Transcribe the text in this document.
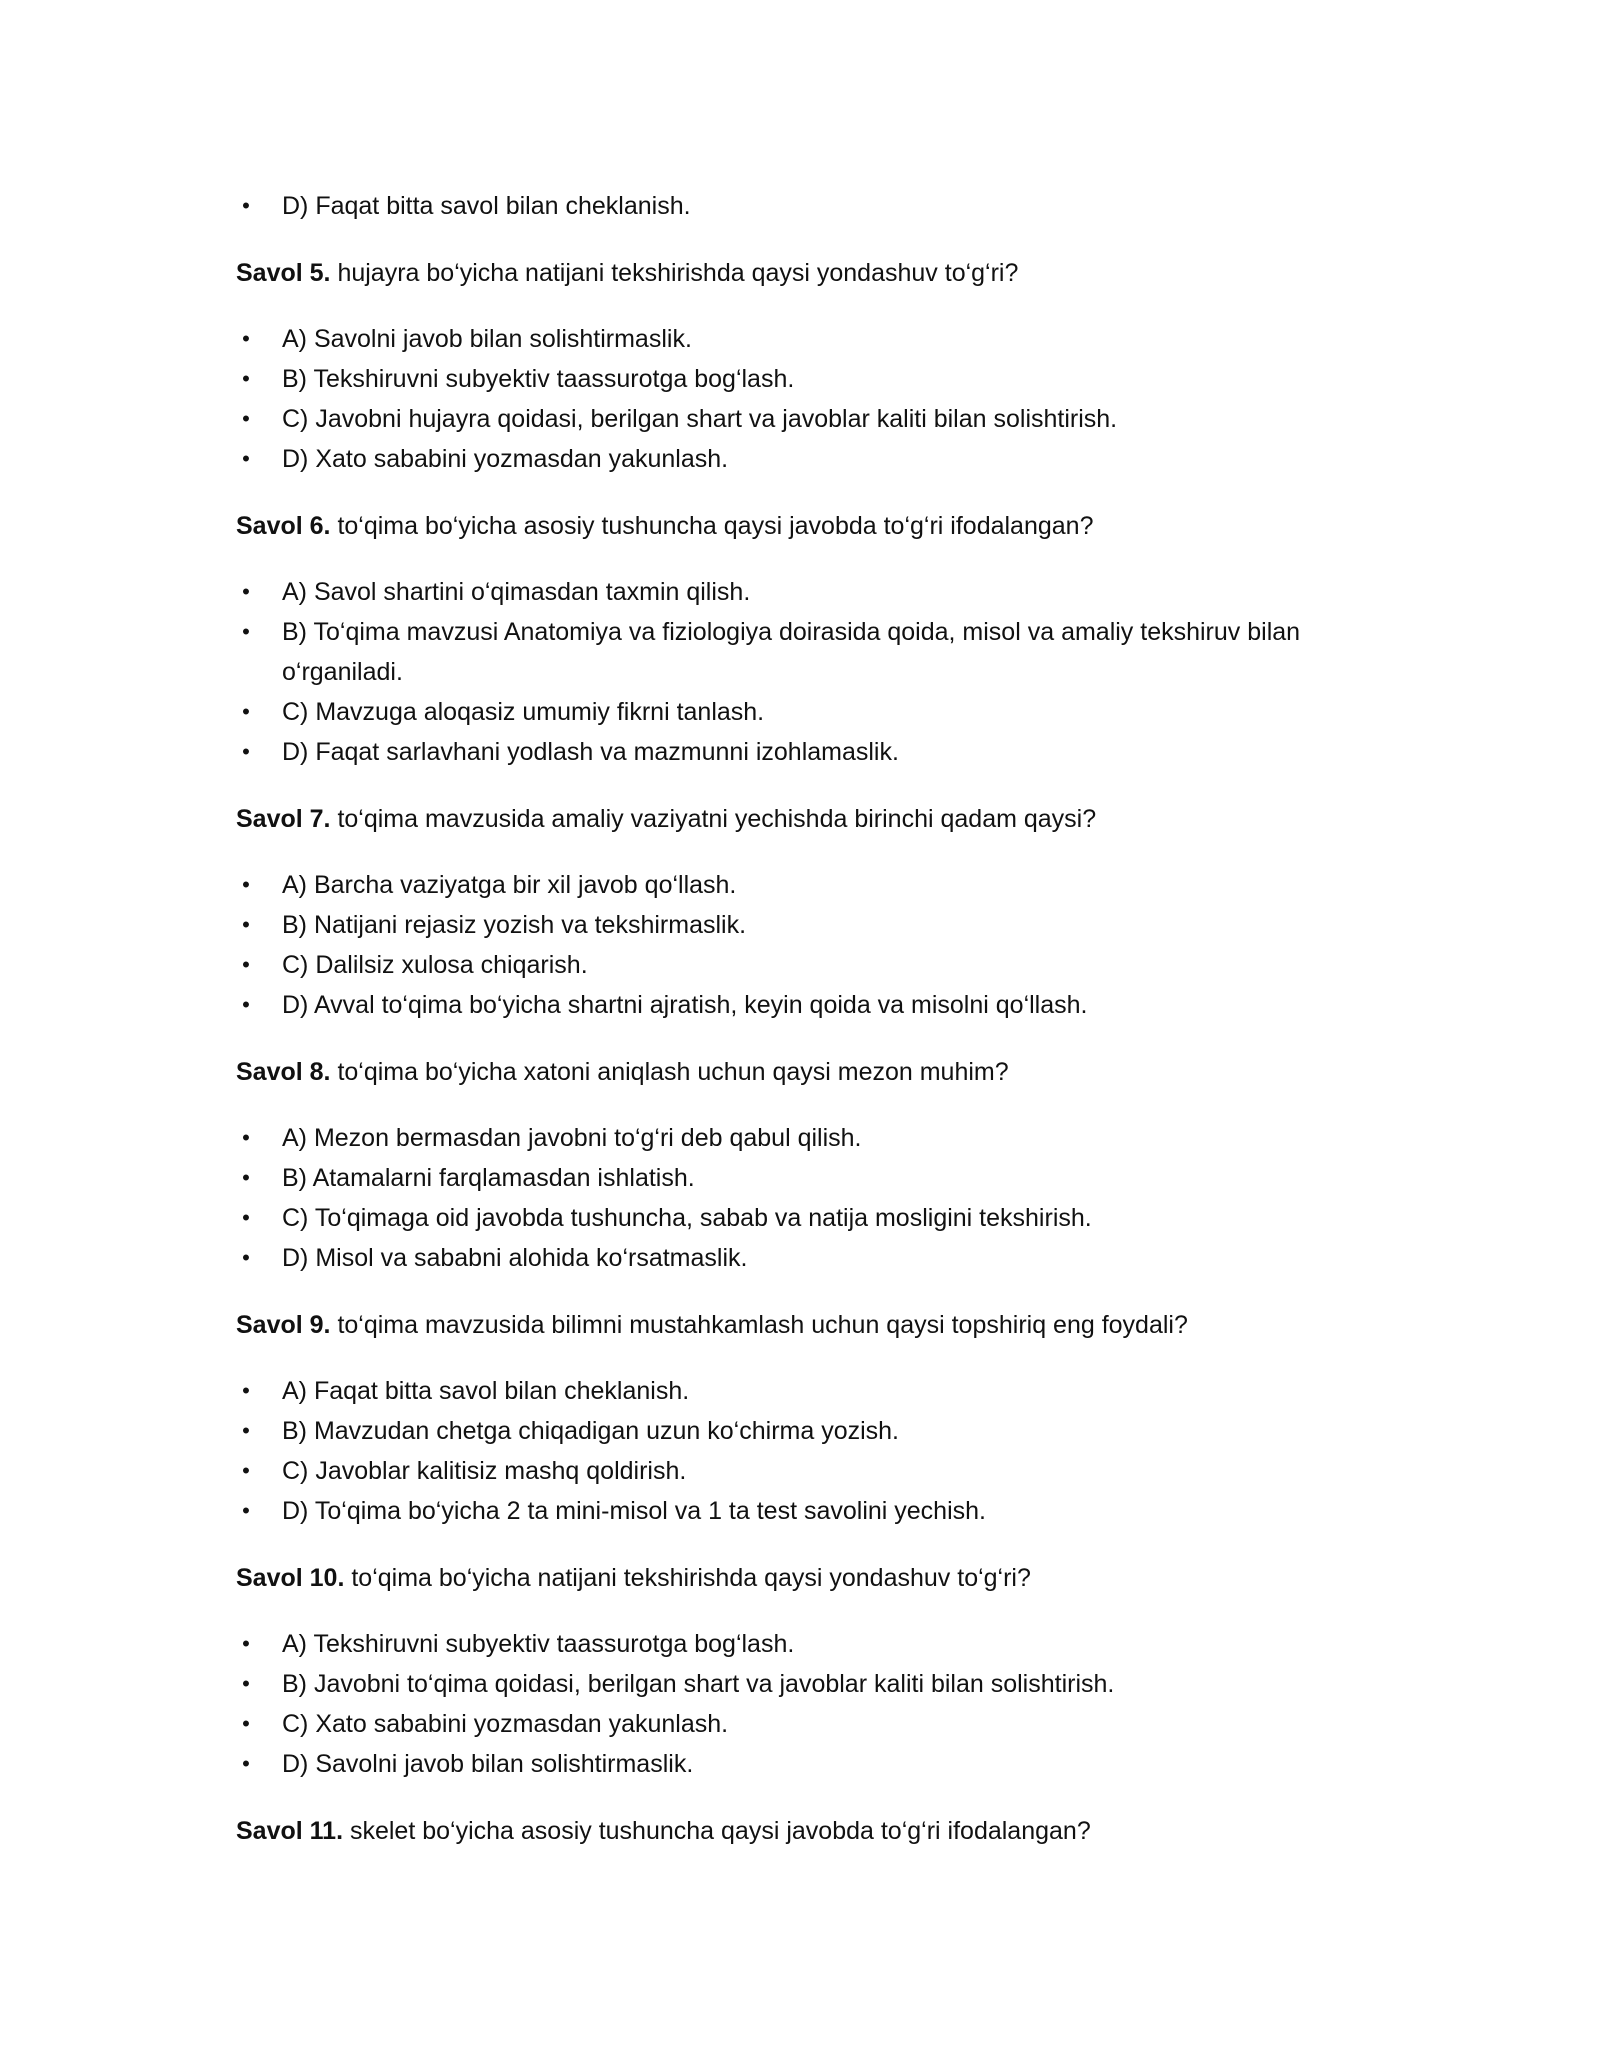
• D) Faqat bitta savol bilan cheklanish.

Savol 5. hujayra bo‘yicha natijani tekshirishda qaysi yondashuv to‘g‘ri?

• A) Savolni javob bilan solishtirmaslik.

• B) Tekshiruvni subyektiv taassurotga bog‘lash.

• C) Javobni hujayra qoidasi, berilgan shart va javoblar kaliti bilan solishtirish.

• D) Xato sababini yozmasdan yakunlash.

Savol 6. to‘qima bo‘yicha asosiy tushuncha qaysi javobda to‘g‘ri ifodalangan?

• A) Savol shartini o‘qimasdan taxmin qilish.

• B) To‘qima mavzusi Anatomiya va fiziologiya doirasida qoida, misol va amaliy tekshiruv bilan o‘rganiladi.

• C) Mavzuga aloqasiz umumiy fikrni tanlash.

• D) Faqat sarlavhani yodlash va mazmunni izohlamaslik.

Savol 7. to‘qima mavzusida amaliy vaziyatni yechishda birinchi qadam qaysi?

• A) Barcha vaziyatga bir xil javob qo‘llash.

• B) Natijani rejasiz yozish va tekshirmaslik.

• C) Dalilsiz xulosa chiqarish.

• D) Avval to‘qima bo‘yicha shartni ajratish, keyin qoida va misolni qo‘llash.

Savol 8. to‘qima bo‘yicha xatoni aniqlash uchun qaysi mezon muhim?

• A) Mezon bermasdan javobni to‘g‘ri deb qabul qilish.

• B) Atamalarni farqlamasdan ishlatish.

• C) To‘qimaga oid javobda tushuncha, sabab va natija mosligini tekshirish.

• D) Misol va sababni alohida ko‘rsatmaslik.

Savol 9. to‘qima mavzusida bilimni mustahkamlash uchun qaysi topshiriq eng foydali?

• A) Faqat bitta savol bilan cheklanish.

• B) Mavzudan chetga chiqadigan uzun ko‘chirma yozish.

• C) Javoblar kalitisiz mashq qoldirish.

• D) To‘qima bo‘yicha 2 ta mini-misol va 1 ta test savolini yechish.

Savol 10. to‘qima bo‘yicha natijani tekshirishda qaysi yondashuv to‘g‘ri?

• A) Tekshiruvni subyektiv taassurotga bog‘lash.

• B) Javobni to‘qima qoidasi, berilgan shart va javoblar kaliti bilan solishtirish.

• C) Xato sababini yozmasdan yakunlash.

• D) Savolni javob bilan solishtirmaslik.

Savol 11. skelet bo‘yicha asosiy tushuncha qaysi javobda to‘g‘ri ifodalangan?
